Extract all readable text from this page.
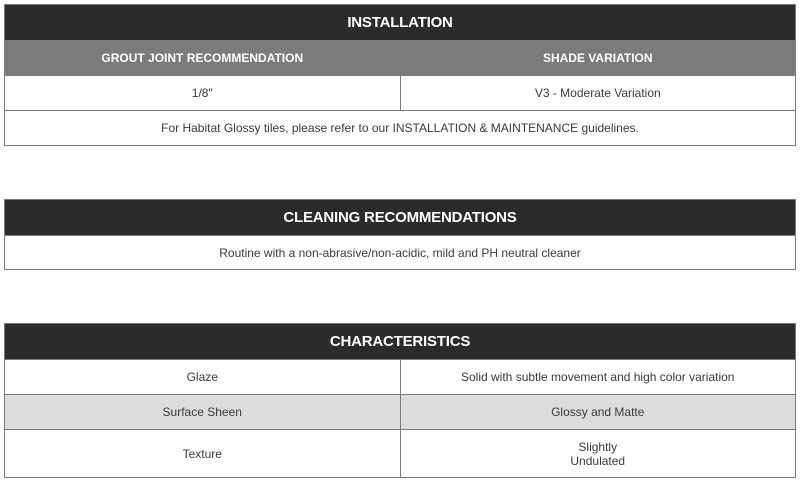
INSTALLATION
GROUT JOINT RECOMMENDATION	SHADE VARIATION
1/8"	V3 - Moderate Variation
For Habitat Glossy tiles, please refer to our INSTALLATION & MAINTENANCE guidelines.
CLEANING RECOMMENDATIONS
Routine with a non-abrasive/non-acidic, mild and PH neutral cleaner
CHARACTERISTICS
Glaze	Solid with subtle movement and high color variation
Surface Sheen	Glossy and Matte
Texture	Slightly
Undulated
